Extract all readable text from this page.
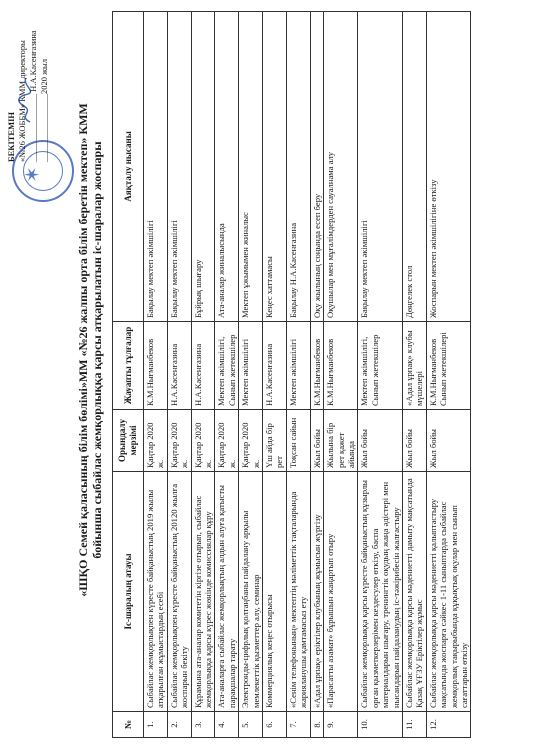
✶
БЕКІТЕМІН «№26 ЖОББМ» КММ директоры ________________ Н.А.Касенғазина ________________2020 жыл «ШҚО Семей қаласының білім бөлімі»ММ «№26 жалпы орта білім беретін мектеп» КММ бойынша сыбайлас жемқорлыққа қарсы атқарылатын іс-шаралар жоспары
№	Іс-шаралың атауы	Орындалу мерзімі	Жауапты тұлғалар	Аяқталу нысаны
1.	Сыбайлас жемқорлықпен күресте байқаныстың 2019 жылы атқарылған жұмыстардың есебі	Қаңтар 2020 ж.	К.М.Нығманбеков	Бақылау мектеп әкімшілігі
2.	Сыбайлас жемқорлықпен күресте байқаныстың 20120 жылға жоспарын бекіту	Қаңтар 2020 ж.	Н.А.Касенғазина	Бақылау мектеп әкімшілігі
3.	Құрамына ата-аналар комитетін кіргізе отырып, сыбайлас жемқорлыққа қарсы күрес жөнінде комиссиялар құру	Қаңтар 2020 ж.	Н.А.Касенғазина	Бұйрық шығару
4.	Ата-аналарға сыбайлас жемқорлықтың алдын алуға қатысты парақшалар тарату	Қаңтар 2020 ж.	Мектеп әкімшілігі, Сынып жетекшілер	Ата-аналар жиналысында
5.	Электронды-цифрлық қолтаңбаны пайдалану арқылы мемлекеттік қызметтер алу, семинар	Қаңтар 2020 ж.	Мектеп әкімшілігі	Мектеп ұжымымен жиналыс
6.	Коммерциялық кеңес отырысы	Үш айда бір рет	Н.А.Касенғазина	Кеңес хаттамасы
7.	«Сенім телефонының» мектептің мәліметтік тақталарында жарияланушы қамтамасыз ету	Тоқсан сайын	Мектеп әкімшілігі	Бақылау Н.А.Касенғазина
8.	«Адал ұрпақ» еріктілер клубының жұмысын жүргізу	Жыл бойы	К.М.Нығманбеков	Оқу жылының соңында есеп беру
9.	«Парасатты азамат» бұрышын жаңартып отыру	Жылына бір рет қажет айында	К.М.Нығманбеков	Оқушылар мен мұғалімдерден сауалнама алу
10.	Сыбайлас жемқорлыққа қарсы күресте байқаныстың құзырлы орган қызметкерлерімен кездесулер өткізу, баспа материалдарын шығару, тренингтік оқудың жаңа әдістері мен нысандарын пайдаланудың іс-тәжірибесін жалғастыру	Жыл бойы	Мектеп әкімшілігі, Сынып жетекшілер	Бақылау мектеп әкімшілігі
11.	Сыбайлас жемқорлыққа қарсы мәдениетті дамыту мақсатында Қазақ ҰҒЗУ Еріктілер жұмыс	Жыл бойы	«Адал ұрпақ» клубы мүшелері	Дөңгелек стол
12.	Сыбайлас жемқорлыққа қарсы мәдениетті қалыптастыру мақсатында жоспарға сәйкес 1-11 сыныптарда сыбайлас жемқорлық тақырыбында құқықтық оқулар мен сынып сағаттарын өткізу	Жыл бойы	К.М.Нығманбеков Сынып жетекшілері	Жоспарын мектеп әкімшілігіне өткізу
